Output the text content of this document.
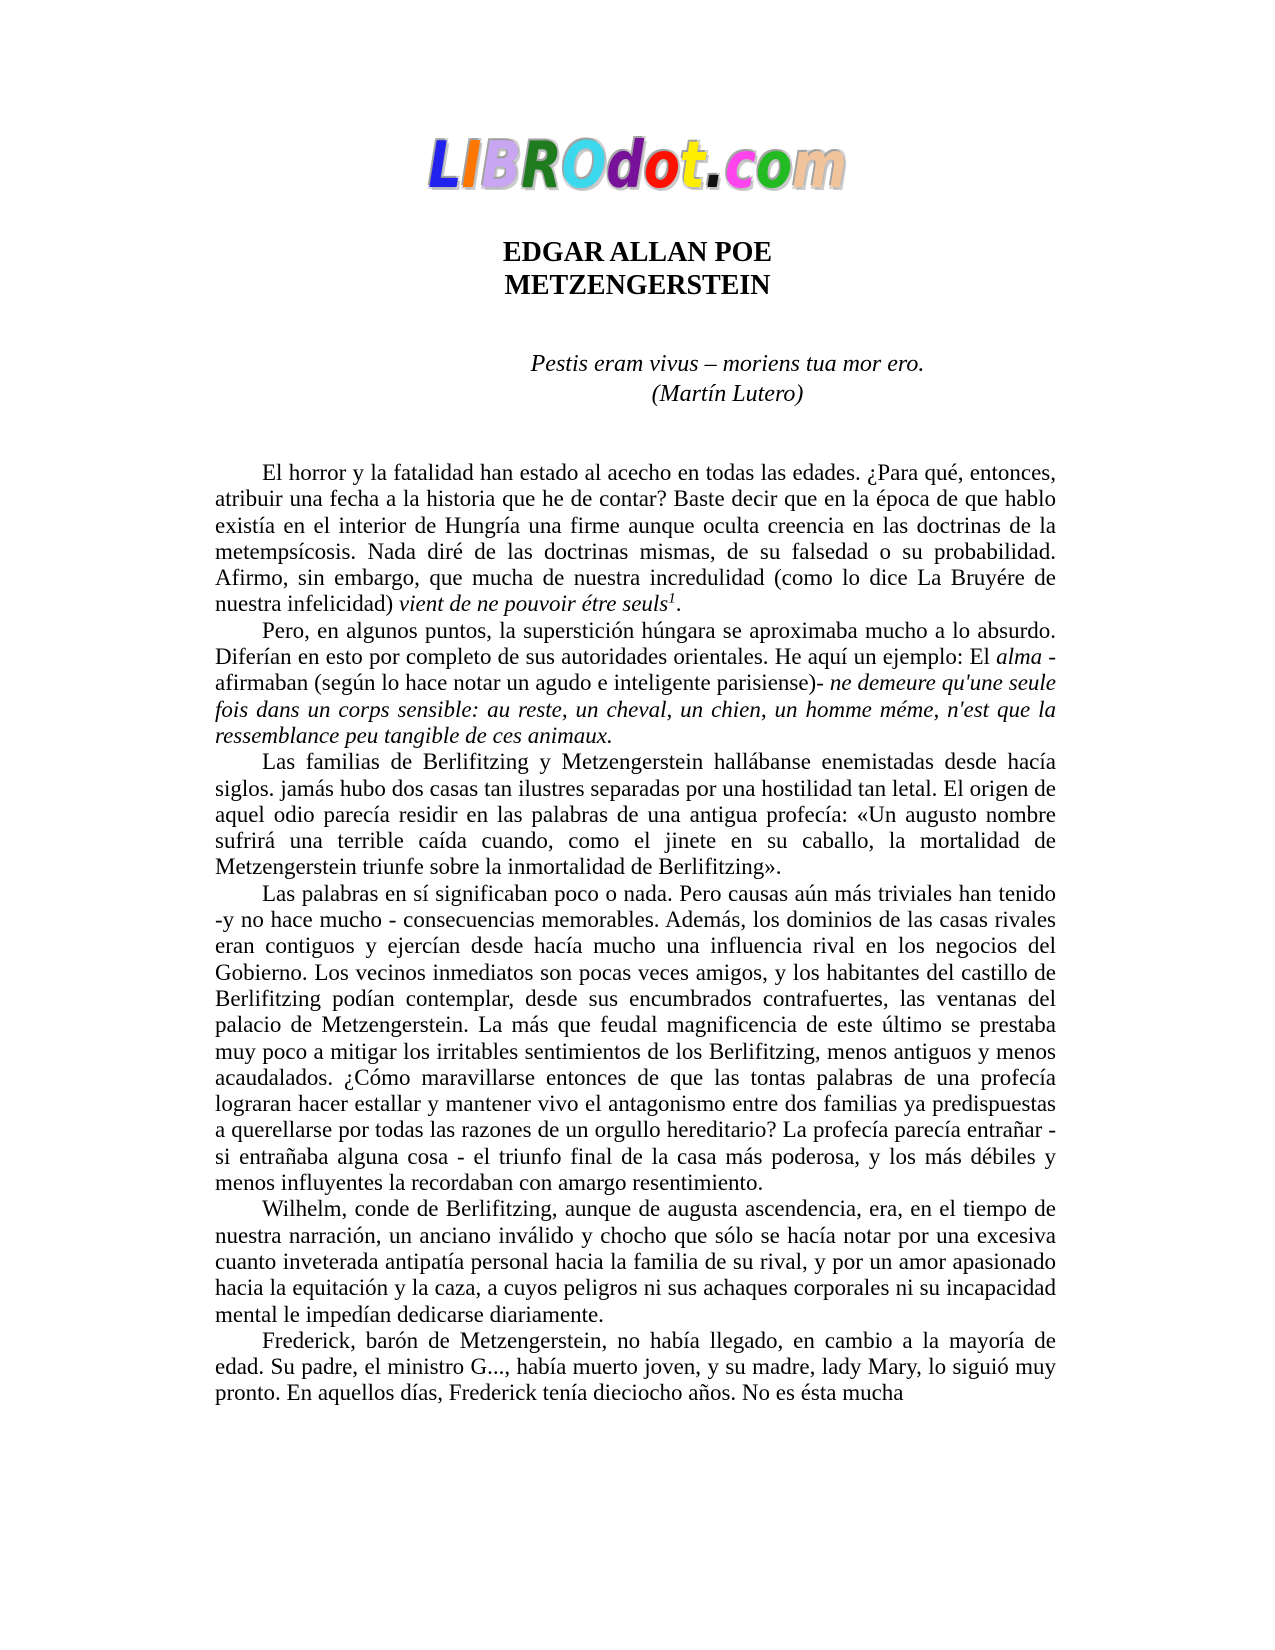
LIBROdot.com
EDGAR ALLAN POE
METZENGERSTEIN
Pestis eram vivus – moriens tua mor ero.
(Martín Lutero)

El horror y la fatalidad han estado al acecho en todas las edades. ¿Para qué, entonces, atribuir una fecha a la historia que he de contar? Baste decir que en la época de que hablo existía en el interior de Hungría una firme aunque oculta creencia en las doctrinas de la metempsícosis. Nada diré de las doctrinas mismas, de su falsedad o su probabilidad. Afirmo, sin embargo, que mucha de nuestra incredulidad (como lo dice La Bruyére de nuestra infelicidad) vient de ne pouvoir étre seuls$^1$.

Pero, en algunos puntos, la superstición húngara se aproximaba mucho a lo absurdo. Diferían en esto por completo de sus autoridades orientales. He aquí un ejemplo: El alma -afirmaban (según lo hace notar un agudo e inteligente parisiense)- ne demeure qu'une seule fois dans un corps sensible: au reste, un cheval, un chien, un homme méme, n'est que la ressemblance peu tangible de ces animaux.

Las familias de Berlifitzing y Metzengerstein hallábanse enemistadas desde hacía siglos. jamás hubo dos casas tan ilustres separadas por una hostilidad tan letal. El origen de aquel odio parecía residir en las palabras de una antigua profecía: «Un augusto nombre sufrirá una terrible caída cuando, como el jinete en su caballo, la mortalidad de Metzengerstein triunfe sobre la inmortalidad de Berlifitzing».

Las palabras en sí significaban poco o nada. Pero causas aún más triviales han tenido -y no hace mucho - consecuencias memorables. Además, los dominios de las casas rivales eran contiguos y ejercían desde hacía mucho una influencia rival en los negocios del Gobierno. Los vecinos inmediatos son pocas veces amigos, y los habitantes del castillo de Berlifitzing podían contemplar, desde sus encumbrados contrafuertes, las ventanas del palacio de Metzengerstein. La más que feudal magnificencia de este último se prestaba muy poco a mitigar los irritables sentimientos de los Berlifitzing, menos antiguos y menos acaudalados. ¿Cómo maravillarse entonces de que las tontas palabras de una profecía lograran hacer estallar y mantener vivo el antagonismo entre dos familias ya predispuestas a querellarse por todas las razones de un orgullo hereditario? La profecía parecía entrañar -si entrañaba alguna cosa - el triunfo final de la casa más poderosa, y los más débiles y menos influyentes la recordaban con amargo resentimiento.

Wilhelm, conde de Berlifitzing, aunque de augusta ascendencia, era, en el tiempo de nuestra narración, un anciano inválido y chocho que sólo se hacía notar por una excesiva cuanto inveterada antipatía personal hacia la familia de su rival, y por un amor apasionado hacia la equitación y la caza, a cuyos peligros ni sus achaques corporales ni su incapacidad mental le impedían dedicarse diariamente.

Frederick, barón de Metzengerstein, no había llegado, en cambio a la mayoría de edad. Su padre, el ministro G..., había muerto joven, y su madre, lady Mary, lo siguió muy pronto. En aquellos días, Frederick tenía dieciocho años. No es ésta mucha
